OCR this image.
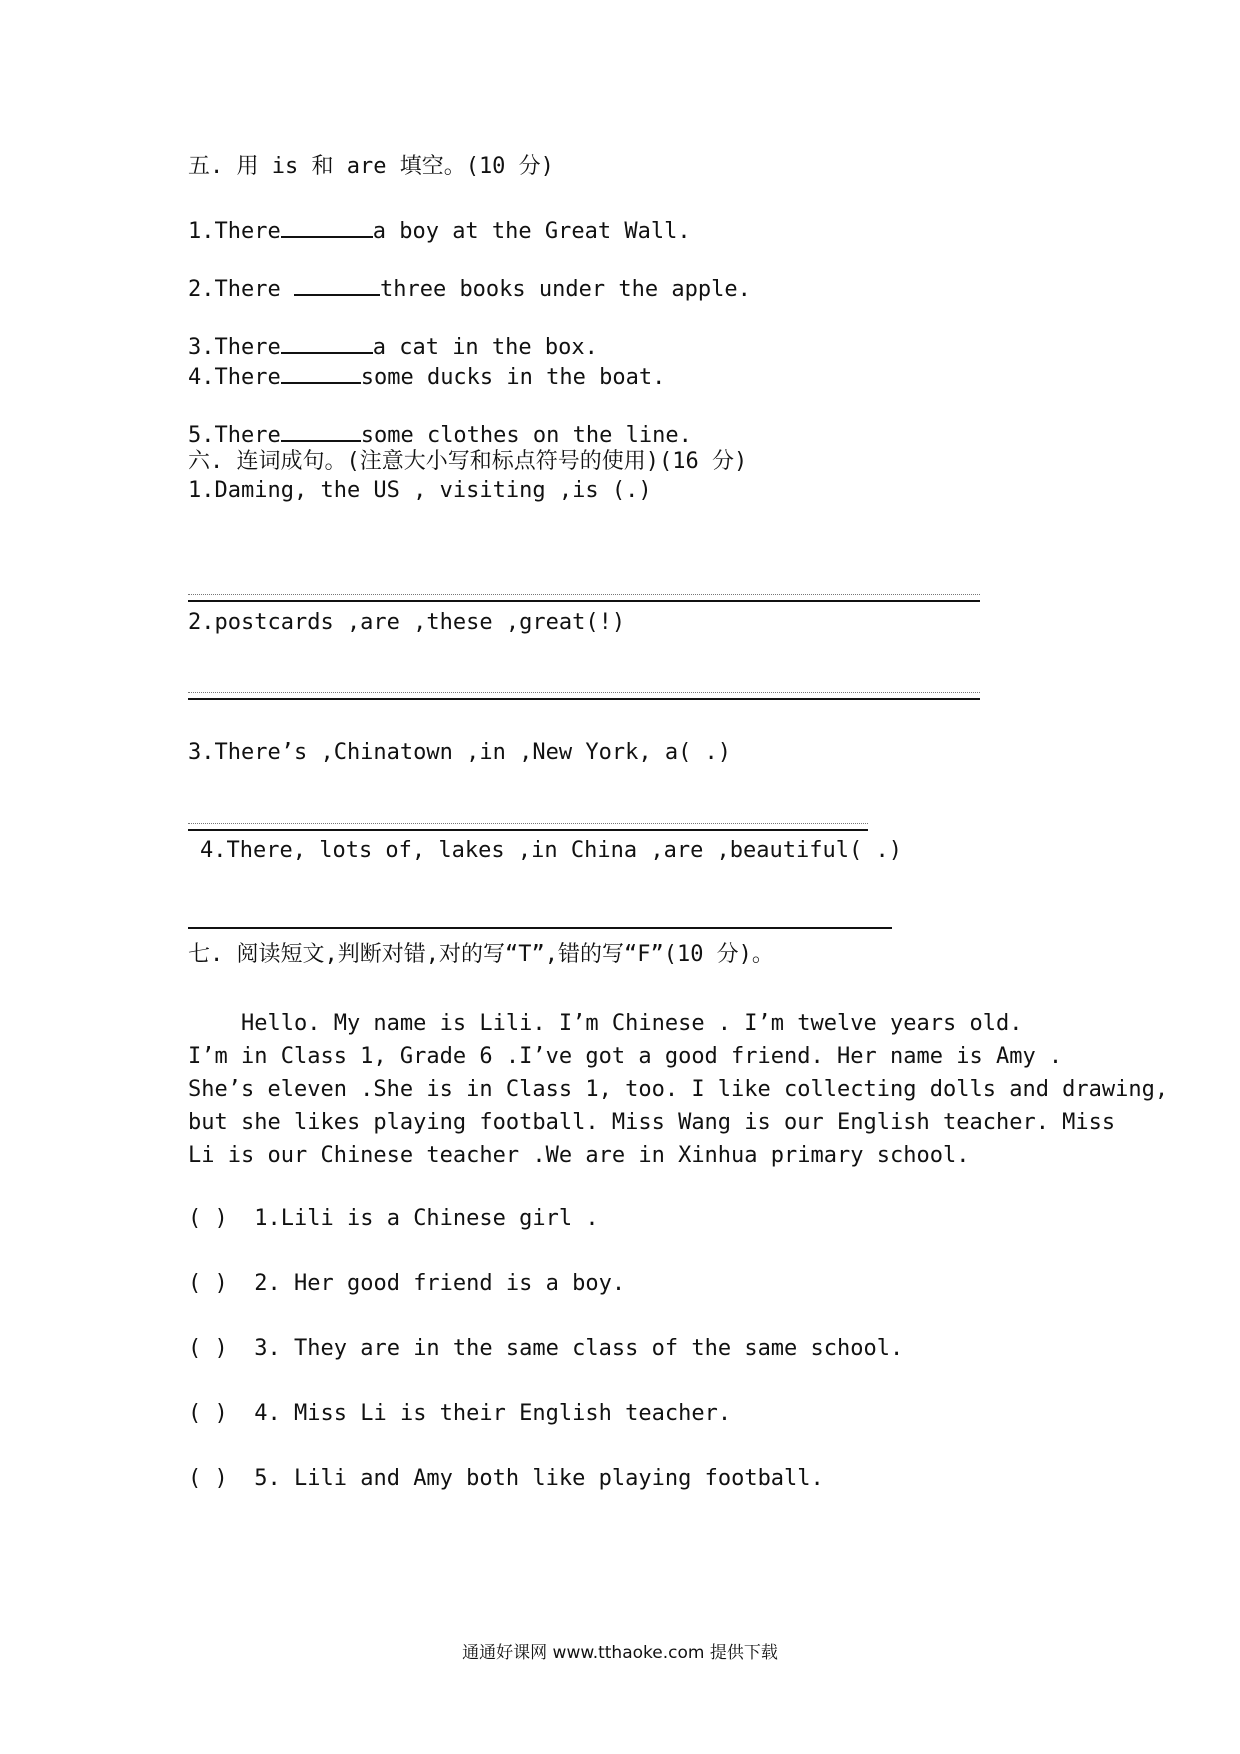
五. 用 is 和 are 填空。(10 分)
1.There	a boy at the Great Wall.
2.There	three books under the apple.
3.There	a cat in the box.
4.There	some ducks in the boat.
5.There	some clothes on the line.
六. 连词成句。(注意大小写和标点符号的使用)(16 分)
1.Daming, the US , visiting ,is (.)
2.postcards ,are ,these ,great(!)
3.There’s ,Chinatown ,in ,New York, a( .)
4.There, lots of, lakes ,in China ,are ,beautiful( .)
七. 阅读短文,判断对错,对的写“T”,错的写“F”(10 分)。
Hello. My name is Lili. I’m Chinese . I’m twelve years old.
I’m in Class 1, Grade 6 .I’ve got a good friend. Her name is Amy .
She’s eleven .She is in Class 1, too. I like collecting dolls and drawing,
but she likes playing football. Miss Wang is our English teacher. Miss
Li is our Chinese teacher .We are in Xinhua primary school.
( ) 1.Lili is a Chinese girl .
( ) 2. Her good friend is a boy.
( ) 3. They are in the same class of the same school.
( ) 4. Miss Li is their English teacher.
( ) 5. Lili and Amy both like playing football.
通通好课网 www.tthaoke.com 提供下载
